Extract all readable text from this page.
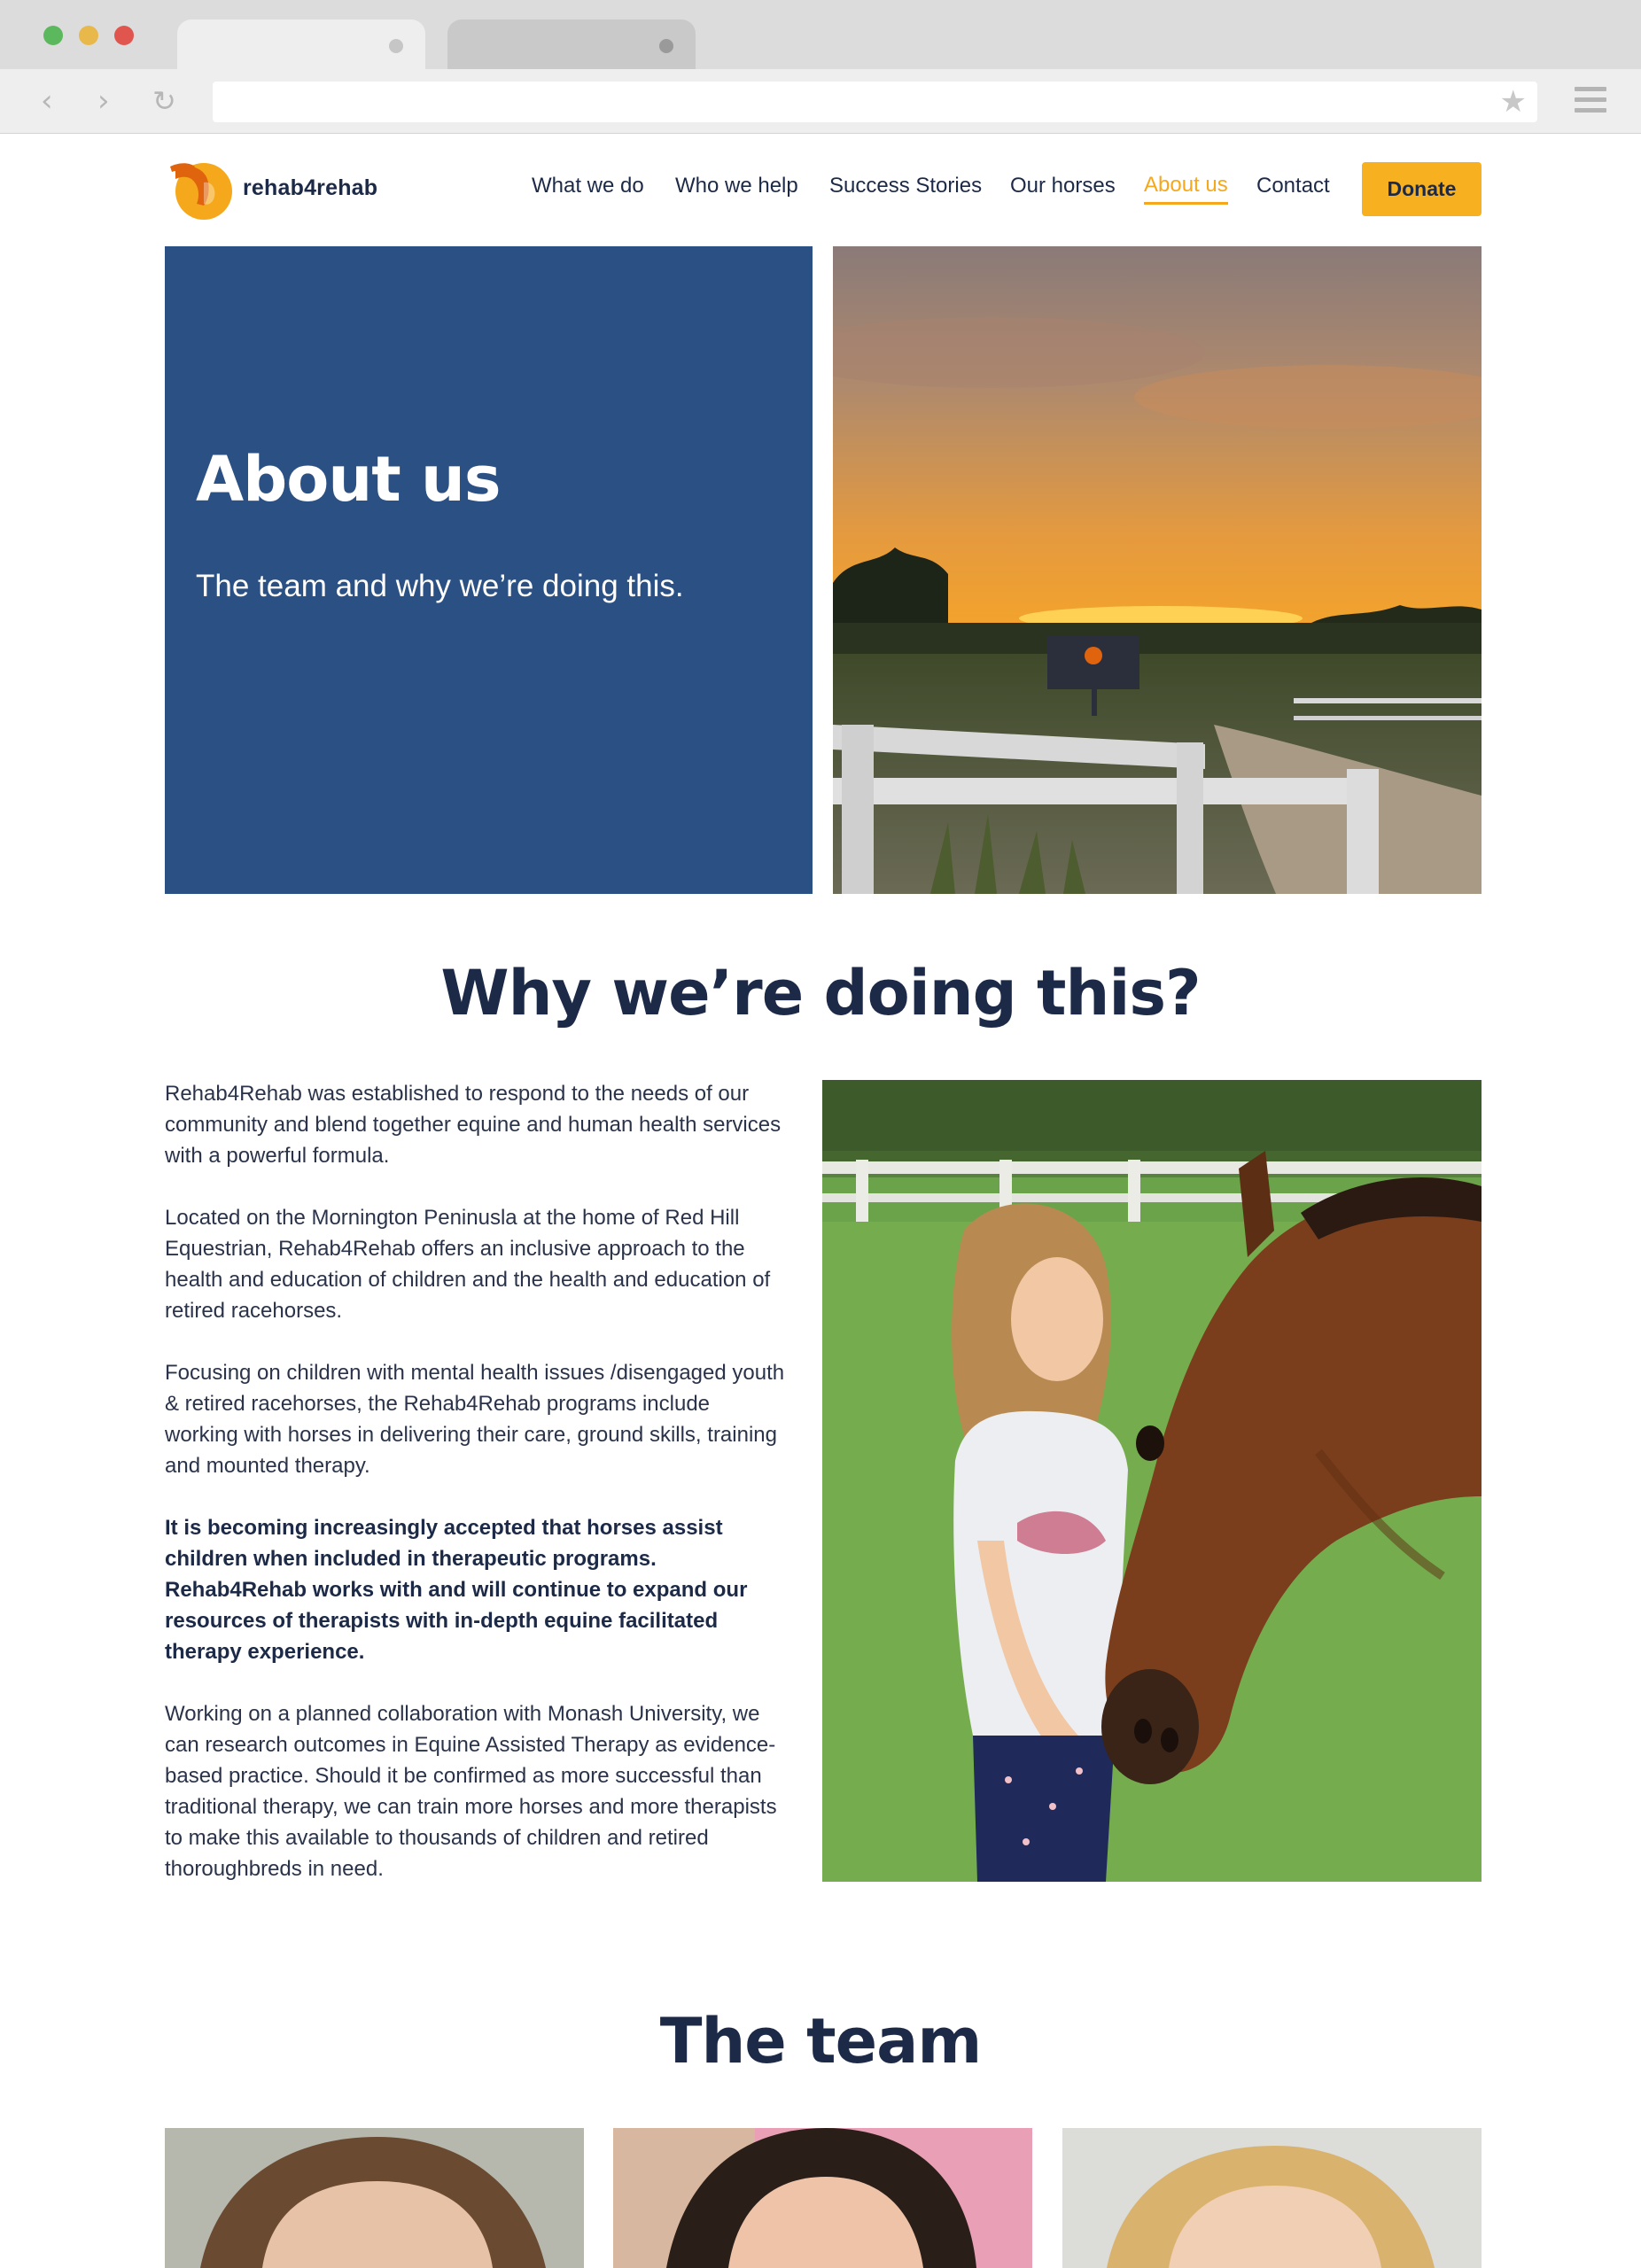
‹ › ↻	★
rehab4rehab	What we do Who we help Success Stories Our horses About us Contact	Donate
About us

The team and why we’re doing this.

Why we’re doing this?

Rehab4Rehab was established to respond to the needs of our community and blend together equine and human health services with a powerful formula.

Located on the Mornington Peninusla at the home of Red Hill Equestrian, Rehab4Rehab offers an inclusive approach to the health and education of children and the health and education of retired racehorses.

Focusing on children with mental health issues /disengaged youth & retired racehorses, the Rehab4Rehab programs include working with horses in delivering their care, ground skills, training and mounted therapy.

It is becoming increasingly accepted that horses assist children when included in therapeutic programs. Rehab4Rehab works with and will continue to expand our resources of therapists with in-depth equine facilitated therapy experience.

Working on a planned collaboration with Monash University, we can research outcomes in Equine Assisted Therapy as evidence-based practice. Should it be confirmed as more successful than traditional therapy, we can train more horses and more therapists to make this available to thousands of children and retired thoroughbreds in need.

The team
